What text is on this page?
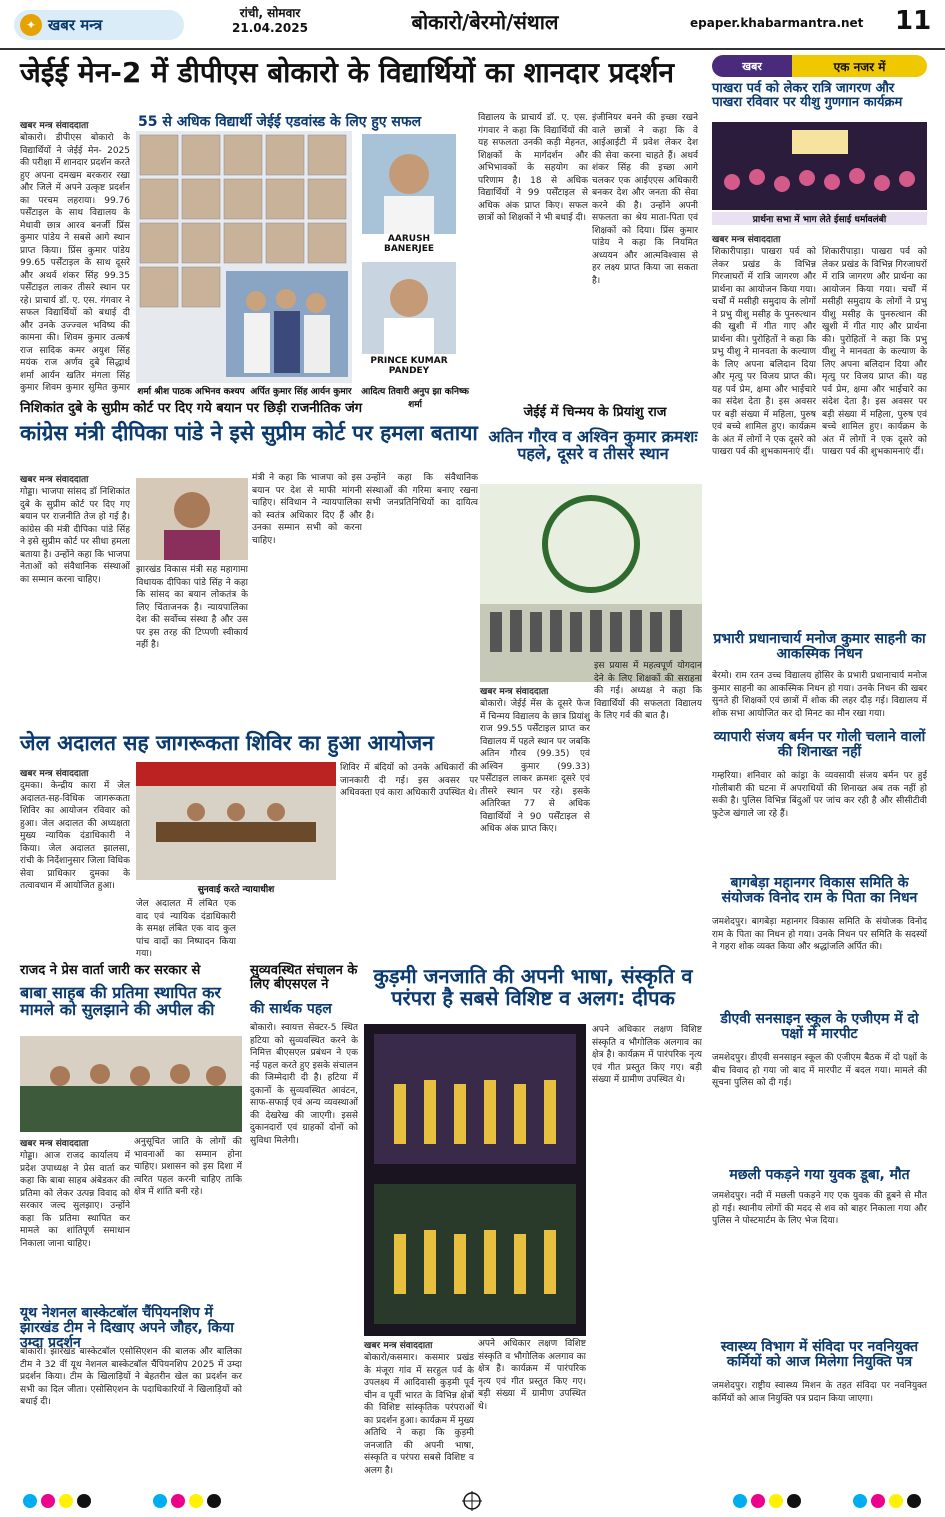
✦ खबर मन्त्र
रांची, सोमवार
21.04.2025	बोकारो/बेरमो/संथाल	epaper.khabarmantra.net 11
जेईई मेन-2 में डीपीएस बोकारो के विद्यार्थियों का शानदार प्रदर्शन
खबर मन्त्र संवाददाता
बोकारो। डीपीएस बोकारो के विद्यार्थियों ने जेईई मेन- 2025 की परीक्षा में शानदार प्रदर्शन करते हुए अपना दमखम बरकरार रखा और जिले में अपने उत्कृष्ट प्रदर्शन का परचम लहराया। 99.76 पर्सेंटाइल के साथ विद्यालय के मेधावी छात्र आरव बनर्जी प्रिंस कुमार पांडेय ने सबसे आगे स्थान प्राप्त किया। प्रिंस कुमार पांडेय 99.65 पर्सेंटाइल के साथ दूसरे और अथर्व शंकर सिंह 99.35 पर्सेंटाइल लाकर तीसरे स्थान पर रहे। प्राचार्य डॉ. ए. एस. गंगवार ने सफल विद्यार्थियों को बधाई दी और उनके उज्ज्वल भविष्य की कामना की। शिवम कुमार उत्कर्ष राज सादिक कमर अयुश सिंह मयंक राज अर्णव दुबे सिद्धार्थ शर्मा आर्यन खतिर मंगला सिंह कुमार शिवम कुमार सुमित कुमार
55 से अधिक विद्यार्थी जेईई एडवांस्ड के लिए हुए सफल
AARUSH BANERJEE
PRINCE KUMAR PANDEY
शर्मा श्रीश पाठक अभिनव कश्यप अर्पित कुमार सिंह आर्यन कुमार	आदित्य तिवारी अनुप झा कनिष्क शर्मा
विद्यालय के प्राचार्य डॉ. ए. एस. गंगवार ने कहा कि विद्यार्थियों की यह सफलता उनकी कड़ी मेहनत, शिक्षकों के मार्गदर्शन और अभिभावकों के सहयोग का परिणाम है। 18 से अधिक विद्यार्थियों ने 99 पर्सेंटाइल से अधिक अंक प्राप्त किए। सफल छात्रों को शिक्षकों ने भी बधाई दी।
इंजीनियर बनने की इच्छा रखने वाले छात्रों ने कहा कि वे आईआईटी में प्रवेश लेकर देश की सेवा करना चाहते हैं। अथर्व शंकर सिंह की इच्छा आगे चलकर एक आईएएस अधिकारी बनकर देश और जनता की सेवा करने की है। उन्होंने अपनी सफलता का श्रेय माता-पिता एवं शिक्षकों को दिया। प्रिंस कुमार पांडेय ने कहा कि नियमित अध्ययन और आत्मविश्वास से हर लक्ष्य प्राप्त किया जा सकता है।
खबर	एक नजर में
पाखरा पर्व को लेकर रात्रि जागरण और पाखरा रविवार पर यीशु गुणगान कार्यक्रम
प्रार्थना सभा में भाग लेते ईसाई धर्मावलंबी
खबर मन्त्र संवाददाता
शिकारीपाड़ा। पाखरा पर्व को लेकर प्रखंड के विभिन्न गिरजाघरों में रात्रि जागरण और प्रार्थना का आयोजन किया गया। चर्चों में मसीही समुदाय के लोगों ने प्रभु यीशु मसीह के पुनरुत्थान की खुशी में गीत गाए और प्रार्थना की। पुरोहितों ने कहा कि प्रभु यीशु ने मानवता के कल्याण के लिए अपना बलिदान दिया और मृत्यु पर विजय प्राप्त की। यह पर्व प्रेम, क्षमा और भाईचारे का संदेश देता है। इस अवसर पर बड़ी संख्या में महिला, पुरुष एवं बच्चे शामिल हुए। कार्यक्रम के अंत में लोगों ने एक दूसरे को पाखरा पर्व की शुभकामनाएं दीं।
शिकारीपाड़ा। पाखरा पर्व को लेकर प्रखंड के विभिन्न गिरजाघरों में रात्रि जागरण और प्रार्थना का आयोजन किया गया। चर्चों में मसीही समुदाय के लोगों ने प्रभु यीशु मसीह के पुनरुत्थान की खुशी में गीत गाए और प्रार्थना की। पुरोहितों ने कहा कि प्रभु यीशु ने मानवता के कल्याण के लिए अपना बलिदान दिया और मृत्यु पर विजय प्राप्त की। यह पर्व प्रेम, क्षमा और भाईचारे का संदेश देता है। इस अवसर पर बड़ी संख्या में महिला, पुरुष एवं बच्चे शामिल हुए। कार्यक्रम के अंत में लोगों ने एक दूसरे को पाखरा पर्व की शुभकामनाएं दीं।
प्रभारी प्रधानाचार्य मनोज कुमार साहनी का आकस्मिक निधन
बेरमो। राम रतन उच्च विद्यालय होसिर के प्रभारी प्रधानाचार्य मनोज कुमार साहनी का आकस्मिक निधन हो गया। उनके निधन की खबर सुनते ही शिक्षकों एवं छात्रों में शोक की लहर दौड़ गई। विद्यालय में शोक सभा आयोजित कर दो मिनट का मौन रखा गया।
व्यापारी संजय बर्मन पर गोली चलाने वालों की शिनाख्त नहीं
गम्हरिया। शनिवार को कांड्रा के व्यवसायी संजय बर्मन पर हुई गोलीबारी की घटना में अपराधियों की शिनाख्त अब तक नहीं हो सकी है। पुलिस विभिन्न बिंदुओं पर जांच कर रही है और सीसीटीवी फुटेज खंगाले जा रहे हैं।
बागबेड़ा महानगर विकास समिति के संयोजक विनोद राम के पिता का निधन
जमशेदपुर। बागबेड़ा महानगर विकास समिति के संयोजक विनोद राम के पिता का निधन हो गया। उनके निधन पर समिति के सदस्यों ने गहरा शोक व्यक्त किया और श्रद्धांजलि अर्पित की।
डीएवी सनसाइन स्कूल के एजीएम में दो पक्षों में मारपीट
जमशेदपुर। डीएवी सनसाइन स्कूल की एजीएम बैठक में दो पक्षों के बीच विवाद हो गया जो बाद में मारपीट में बदल गया। मामले की सूचना पुलिस को दी गई।
मछली पकड़ने गया युवक डूबा, मौत
जमशेदपुर। नदी में मछली पकड़ने गए एक युवक की डूबने से मौत हो गई। स्थानीय लोगों की मदद से शव को बाहर निकाला गया और पुलिस ने पोस्टमार्टम के लिए भेज दिया।
स्वास्थ्य विभाग में संविदा पर नवनियुक्त कर्मियों को आज मिलेगा नियुक्ति पत्र
जमशेदपुर। राष्ट्रीय स्वास्थ्य मिशन के तहत संविदा पर नवनियुक्त कर्मियों को आज नियुक्ति पत्र प्रदान किया जाएगा।
निशिकांत दुबे के सुप्रीम कोर्ट पर दिए गये बयान पर छिड़ी राजनीतिक जंग
कांग्रेस मंत्री दीपिका पांडे ने इसे सुप्रीम कोर्ट पर हमला बताया
खबर मन्त्र संवाददाता
गोड्डा। भाजपा सांसद डॉ निशिकांत दुबे के सुप्रीम कोर्ट पर दिए गए बयान पर राजनीति तेज हो गई है। कांग्रेस की मंत्री दीपिका पांडे सिंह ने इसे सुप्रीम कोर्ट पर सीधा हमला बताया है। उन्होंने कहा कि भाजपा नेताओं को संवैधानिक संस्थाओं का सम्मान करना चाहिए।
झारखंड विकास मंत्री सह महागामा विधायक दीपिका पांडे सिंह ने कहा कि सांसद का बयान लोकतंत्र के लिए चिंताजनक है। न्यायपालिका देश की सर्वोच्च संस्था है और उस पर इस तरह की टिप्पणी स्वीकार्य नहीं है।
मंत्री ने कहा कि भाजपा को इस बयान पर देश से माफी मांगनी चाहिए। संविधान ने न्यायपालिका को स्वतंत्र अधिकार दिए हैं और उनका सम्मान सभी को करना चाहिए।
उन्होंने कहा कि संवैधानिक संस्थाओं की गरिमा बनाए रखना सभी जनप्रतिनिधियों का दायित्व है।
जेईई में चिन्मय के प्रियांशु राज
अतिन गौरव व अश्विन कुमार क्रमशः पहले, दूसरे व तीसरे स्थान
खबर मन्त्र संवाददाता
बोकारो। जेईई मेंस के दूसरे फेज में चिन्मय विद्यालय के छात्र प्रियांशु राज 99.55 पर्सेंटाइल प्राप्त कर विद्यालय में पहले स्थान पर जबकि अतिन गौरव (99.35) एवं अश्विन कुमार (99.33) पर्सेंटाइल लाकर क्रमशः दूसरे एवं तीसरे स्थान पर रहे। इसके अतिरिक्त 77 से अधिक विद्यार्थियों ने 90 पर्सेंटाइल से अधिक अंक प्राप्त किए।
इस प्रयास में महत्वपूर्ण योगदान देने के लिए शिक्षकों की सराहना की गई। अध्यक्ष ने कहा कि विद्यार्थियों की सफलता विद्यालय के लिए गर्व की बात है।
जेल अदालत सह जागरूकता शिविर का हुआ आयोजन
खबर मन्त्र संवाददाता
दुमका। केन्द्रीय कारा में जेल अदालत-सह-विधिक जागरूकता शिविर का आयोजन रविवार को हुआ। जेल अदालत की अध्यक्षता मुख्य न्यायिक दंडाधिकारी ने किया। जेल अदालत झालसा, रांची के निर्देशानुसार जिला विधिक सेवा प्राधिकार दुमका के तत्वावधान में आयोजित हुआ।	सुनवाई करते न्यायाधीश
जेल अदालत में लंबित एक वाद एवं न्यायिक दंडाधिकारी के समक्ष लंबित एक वाद कुल पांच वादों का निष्पादन किया गया।
शिविर में बंदियों को उनके अधिकारों की जानकारी दी गई। इस अवसर पर अधिवक्ता एवं कारा अधिकारी उपस्थित थे।
राजद ने प्रेस वार्ता जारी कर सरकार से
बाबा साहब की प्रतिमा स्थापित कर मामले को सुलझाने की अपील की
खबर मन्त्र संवाददाता
गोड्डा। आज राजद कार्यालय में प्रदेश उपाध्यक्ष ने प्रेस वार्ता कर कहा कि बाबा साहब अंबेडकर की प्रतिमा को लेकर उत्पन्न विवाद को सरकार जल्द सुलझाए। उन्होंने कहा कि प्रतिमा स्थापित कर मामले का शांतिपूर्ण समाधान निकाला जाना चाहिए।
अनुसूचित जाति के लोगों की भावनाओं का सम्मान होना चाहिए। प्रशासन को इस दिशा में त्वरित पहल करनी चाहिए ताकि क्षेत्र में शांति बनी रहे।
यूथ नेशनल बास्केटबॉल चैंपियनशिप में झारखंड टीम ने दिखाए अपने जौहर, किया उम्दा प्रदर्शन
बोकारो। झारखंड बास्केटबॉल एसोसिएशन की बालक और बालिका टीम ने 32 वीं यूथ नेशनल बास्केटबॉल चैंपियनशिप 2025 में उम्दा प्रदर्शन किया। टीम के खिलाड़ियों ने बेहतरीन खेल का प्रदर्शन कर सभी का दिल जीता। एसोसिएशन के पदाधिकारियों ने खिलाड़ियों को बधाई दी।
सुव्यवस्थित संचालन के लिए बीएसएल ने
की सार्थक पहल
बोकारो। स्वायत्त सेक्टर-5 स्थित हटिया को सुव्यवस्थित करने के निमित्त बीएसएल प्रबंधन ने एक नई पहल करते हुए इसके संचालन की जिम्मेदारी दी है। हटिया में दुकानों के सुव्यवस्थित आवंटन, साफ-सफाई एवं अन्य व्यवस्थाओं की देखरेख की जाएगी। इससे दुकानदारों एवं ग्राहकों दोनों को सुविधा मिलेगी।
कुड़मी जनजाति की अपनी भाषा, संस्कृति व परंपरा है सबसे विशिष्ट व अलग: दीपक
खबर मन्त्र संवाददाता
बोकारो/कसमार। कसमार प्रखंड के मंजूरा गांव में सरहुल पर्व के उपलक्ष्य में आदिवासी कुड़मी पूर्व चीन व पूर्वी भारत के विभिन्न क्षेत्रों की विशिष्ट सांस्कृतिक परंपराओं का प्रदर्शन हुआ। कार्यक्रम में मुख्य अतिथि ने कहा कि कुड़मी जनजाति की अपनी भाषा, संस्कृति व परंपरा सबसे विशिष्ट व अलग है।
अपने अधिकार लक्षण विशिष्ट संस्कृति व भौगोलिक अलगाव का क्षेत्र है। कार्यक्रम में पारंपरिक नृत्य एवं गीत प्रस्तुत किए गए। बड़ी संख्या में ग्रामीण उपस्थित थे।
अपने अधिकार लक्षण विशिष्ट संस्कृति व भौगोलिक अलगाव का क्षेत्र है। कार्यक्रम में पारंपरिक नृत्य एवं गीत प्रस्तुत किए गए। बड़ी संख्या में ग्रामीण उपस्थित थे।
